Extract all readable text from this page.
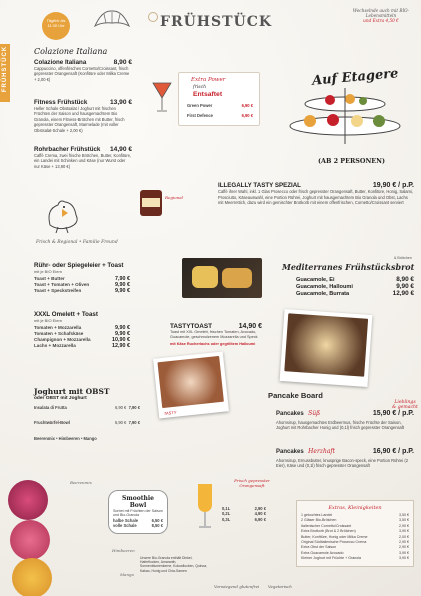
FRÜHSTÜCK
Täglich bis 11:30 Uhr	FRÜHSTÜCK
Wechselnde auch mit BIO-Lebensmitteln
und Extra 4,50 €
Colazione Italiana
Colazione Italiana	8,90 €
Cappuccino, offenfrisches Cornetto/Croissant, frisch gepresster Orangensaft (Konfitüre oder Milka Creme + 2,00 €)
Fitness Frühstück	13,90 €
Heller Schale Obstsalat / Joghurt mit frischen Früchten der Saison und hausgemachtem Bio Granola, einem Fitness-Brötchen mit Butter, frisch gepresster Orangensaft, Marmelade (mit voller Obstsalat-Schale + 2,00 €)
Rohrbacher Frühstück 14,90 €
Caffè Crema, zwei frische Brötchen, Butter, Konfitüre, ein Landei mit Schinken und Käse (nur Wurst oder nur Käse + 13,90 €)
Regional
Frisch & Regional • Familie Freund
Rühr- oder Spiegeleier + Toast
mit je BIO Eiern
Toast + Butter	7,90 €
Toast + Tomaten + Oliven	9,90 €
Toast + Speckstreifen	9,90 €
XXXL Omelett + Toast
mit je BIO Eiern
Tomaten + Mozzarella	9,90 €
Tomaten + Schafskäse	9,90 €
Champignon + Mozzarella	10,90 €
Lachs + Mozzarella	12,90 €
Joghurt mit OBST
oder OBST mit Joghurt
Insalata di Frutta	6,90 € 7,90 €
Fruchtwürfel-Bowl	6,90 € 7,90 €
Beerenmix • Himbeeren • Mango
TASTY
Beerenmix
Himbeeren
Mango
Smoothie Bowl
Sorbet mit Früchten der Saison und Bio-Granola
halbe Schale	6,50 €
volle Schale	8,50 €
Frisch gepresster Orangensaft
0,1L	2,90 €
0,2L	4,90 €
0,3L	6,90 €
Unsere Bio-Granola enthält Dinkel, Haferflocken, Amaranth, Sonnenblumenkerne, Kokosflocken, Quinoa, Kakao, Honig und Chia-Samen
Extra Power
frisch
Entsaftet
Green Power	6,90 €
First Defence	6,90 €
Auf Etagere
(AB 2 PERSONEN)
ILLEGALLY TASTY SPEZIAL	19,90 € / p.P.
Caffè ihrer Wahl, inkl. 1 Glas Prosecco oder frisch gepresster Orangensaft, Butter, Konfitüre, Honig, Salami, Prosciutto, Käseauswahl, eine Portion Rührei, Joghurt mit hausgemachtem Bio Granola und Obst, Lachs mit Meerrettich, dazu wird ein gemischter Brotkorb mit einem offenfrischen, Cornetto/Croissant serviert
Mediterranes Frühstücksbrot
& Brötchen
Guacamole, Ei	8,90 €
Guacamole, Halloumi	9,90 €
Guacamole, Burrata	12,90 €
TASTYTOAST	14,90 €
Toast mit XXL Omelett, frischen Tomaten, Avocado, Guacamole, geschmolzenem Mozzarella und Speck
mit Käse Rucherlachs oder gegrilltem Halloumi
Lieblings & gemacht
Pancake Board
Pancakes Süß	15,90 € / p.P.
Ahornsirup, hausgemachtes Erdbeermus, frische Früchte der Saison, Joghurt mit Rohrbacher Honig und (0,1l) frisch gepresster Orangensaft
Pancakes Herzhaft	16,90 € / p.P.
Ahornsirup, Ernussbutter, knusprige Bacon-speck, eine Portion Rührei (2 Eier), Käse und (0,1l) frisch gepresster Orangensaft
Extras, Kleinigkeiten
1 gekochtes Landei	3,50 €
2 Gläser Bio-Brötchen	3,50 €
Italienischer Cornetto/Croissant	2,90 €
Extra Brotkorb (Brot & 2 Brötchen)	3,90 €
Butter, Konfitüre, Honig oder Milka Creme	2,00 €
Original Süditalienische Prosecco Crema	2,90 €
Extra Obst der Saison	2,90 €
Extra Guacamole Avocado	3,90 €
Kleiner Joghurt mit Früchte + Granola	3,90 €
Vorwiegend glutenfrei Vegetarisch
